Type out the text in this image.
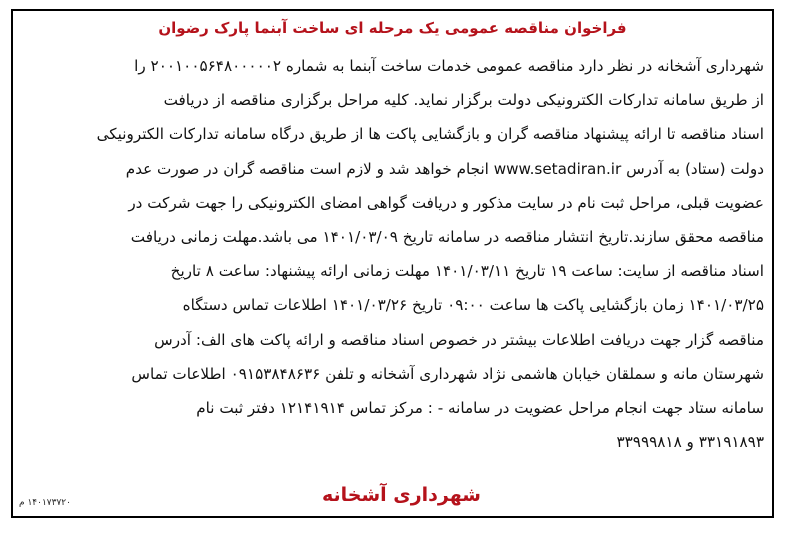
فراخوان مناقصه عمومی یک مرحله ای ساخت آبنما پارک رضوان
شهرداری آشخانه در نظر دارد مناقصه عمومی خدمات ساخت آبنما به شماره ۲۰۰۱۰۰۵۶۴۸۰۰۰۰۰۲ را
از طریق سامانه تدارکات الکترونیکی دولت برگزار نماید. کلیه مراحل برگزاری مناقصه از دریافت
اسناد مناقصه تا ارائه پیشنهاد مناقصه گران و بازگشایی پاکت ها از طریق درگاه سامانه تدارکات الکترونیکی
دولت (ستاد) به آدرس www.setadiran.ir انجام خواهد شد و لازم است مناقصه گران در صورت عدم
عضویت قبلی، مراحل ثبت نام در سایت مذکور و دریافت گواهی امضای الکترونیکی را جهت شرکت در
مناقصه محقق سازند.تاریخ انتشار مناقصه در سامانه تاریخ ۱۴۰۱/۰۳/۰۹ می باشد.مهلت زمانی دریافت
اسناد مناقصه از سایت: ساعت ۱۹ تاریخ ۱۴۰۱/۰۳/۱۱ مهلت زمانی ارائه پیشنهاد: ساعت ۸ تاریخ
۱۴۰۱/۰۳/۲۵ زمان بازگشایی پاکت ها ساعت ۰۹:۰۰ تاریخ ۱۴۰۱/۰۳/۲۶ اطلاعات تماس دستگاه
مناقصه گزار جهت دریافت اطلاعات بیشتر در خصوص اسناد مناقصه و ارائه پاکت های الف: آدرس
شهرستان مانه و سملقان خیابان هاشمی نژاد شهرداری آشخانه و تلفن ۰۹۱۵۳۸۴۸۶۳۶ اطلاعات تماس
سامانه ستاد جهت انجام مراحل عضویت در سامانه - : مرکز تماس ۱۲۱۴۱۹۱۴ دفتر ثبت نام
۳۳۱۹۱۸۹۳ و ۳۳۹۹۹۸۱۸
شهرداری آشخانه
۱۴۰۱۷۳۷۲۰ م
